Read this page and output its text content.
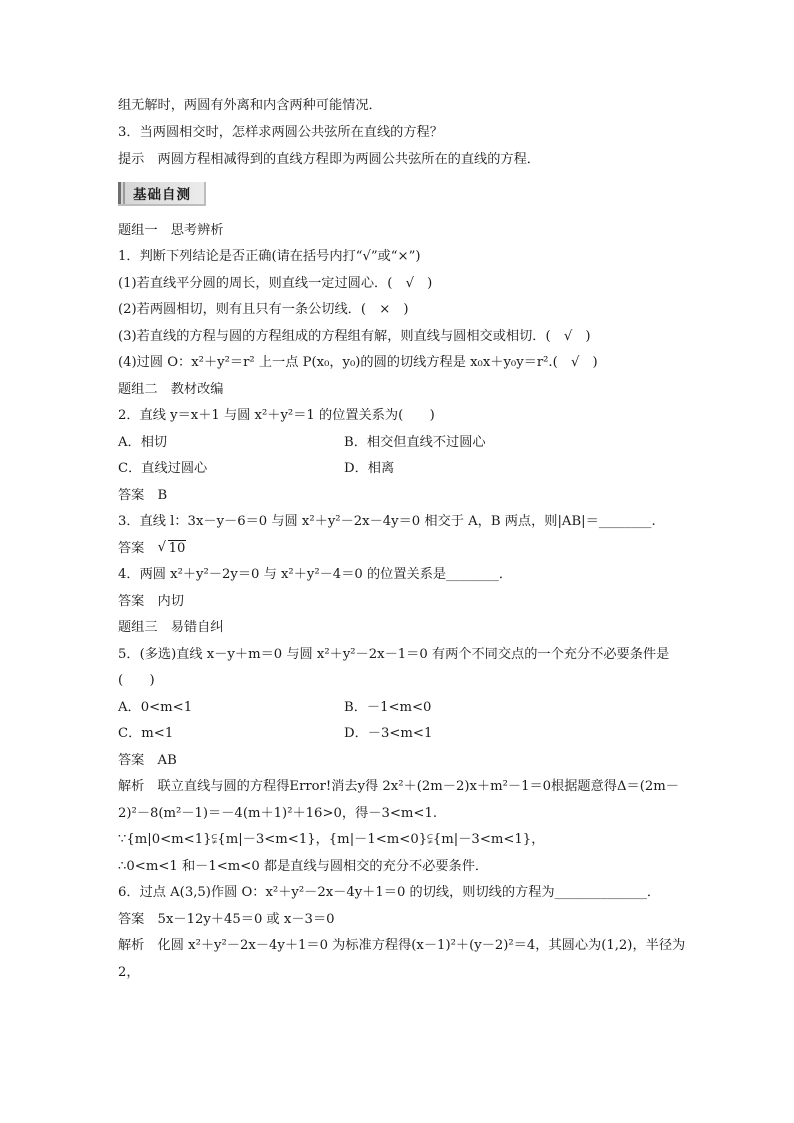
组无解时，两圆有外离和内含两种可能情况．
3．当两圆相交时，怎样求两圆公共弦所在直线的方程？
提示　两圆方程相减得到的直线方程即为两圆公共弦所在的直线的方程．
基础自测
题组一　思考辨析
1．判断下列结论是否正确(请在括号内打“√”或“×”)
(1)若直线平分圆的周长，则直线一定过圆心．(　√　)
(2)若两圆相切，则有且只有一条公切线．(　×　)
(3)若直线的方程与圆的方程组成的方程组有解，则直线与圆相交或相切．(　√　)
(4)过圆 O：x²＋y²＝r² 上一点 P(x₀，y₀)的圆的切线方程是 x₀x＋y₀y＝r².(　√　)
题组二　教材改编
2．直线 y＝x＋1 与圆 x²＋y²＝1 的位置关系为(　　)
A．相切	B．相交但直线不过圆心
C．直线过圆心	D．相离
答案　B
3．直线 l：3x－y－6＝0 与圆 x²＋y²－2x－4y＝0 相交于 A，B 两点，则|AB|＝________.
答案　√ 10
4．两圆 x²＋y²－2y＝0 与 x²＋y²－4＝0 的位置关系是________．
答案　内切
题组三　易错自纠
5．(多选)直线 x－y＋m＝0 与圆 x²＋y²－2x－1＝0 有两个不同交点的一个充分不必要条件是
(　　)
A．0<m<1	B．－1<m<0
C．m<1	D．－3<m<1
答案　AB
解析　联立直线与圆的方程得Error!消去y得 2x²＋(2m－2)x＋m²－1＝0根据题意得Δ＝(2m－
2)²－8(m²－1)＝－4(m＋1)²＋16>0，得－3<m<1.
∵{m|0<m<1}⫋{m|－3<m<1}，{m|－1<m<0}⫋{m|－3<m<1}，
∴0<m<1 和－1<m<0 都是直线与圆相交的充分不必要条件．
6．过点 A(3,5)作圆 O：x²＋y²－2x－4y＋1＝0 的切线，则切线的方程为______________．
答案　5x－12y＋45＝0 或 x－3＝0
解析　化圆 x²＋y²－2x－4y＋1＝0 为标准方程得(x－1)²＋(y－2)²＝4，其圆心为(1,2)，半径为
2，
